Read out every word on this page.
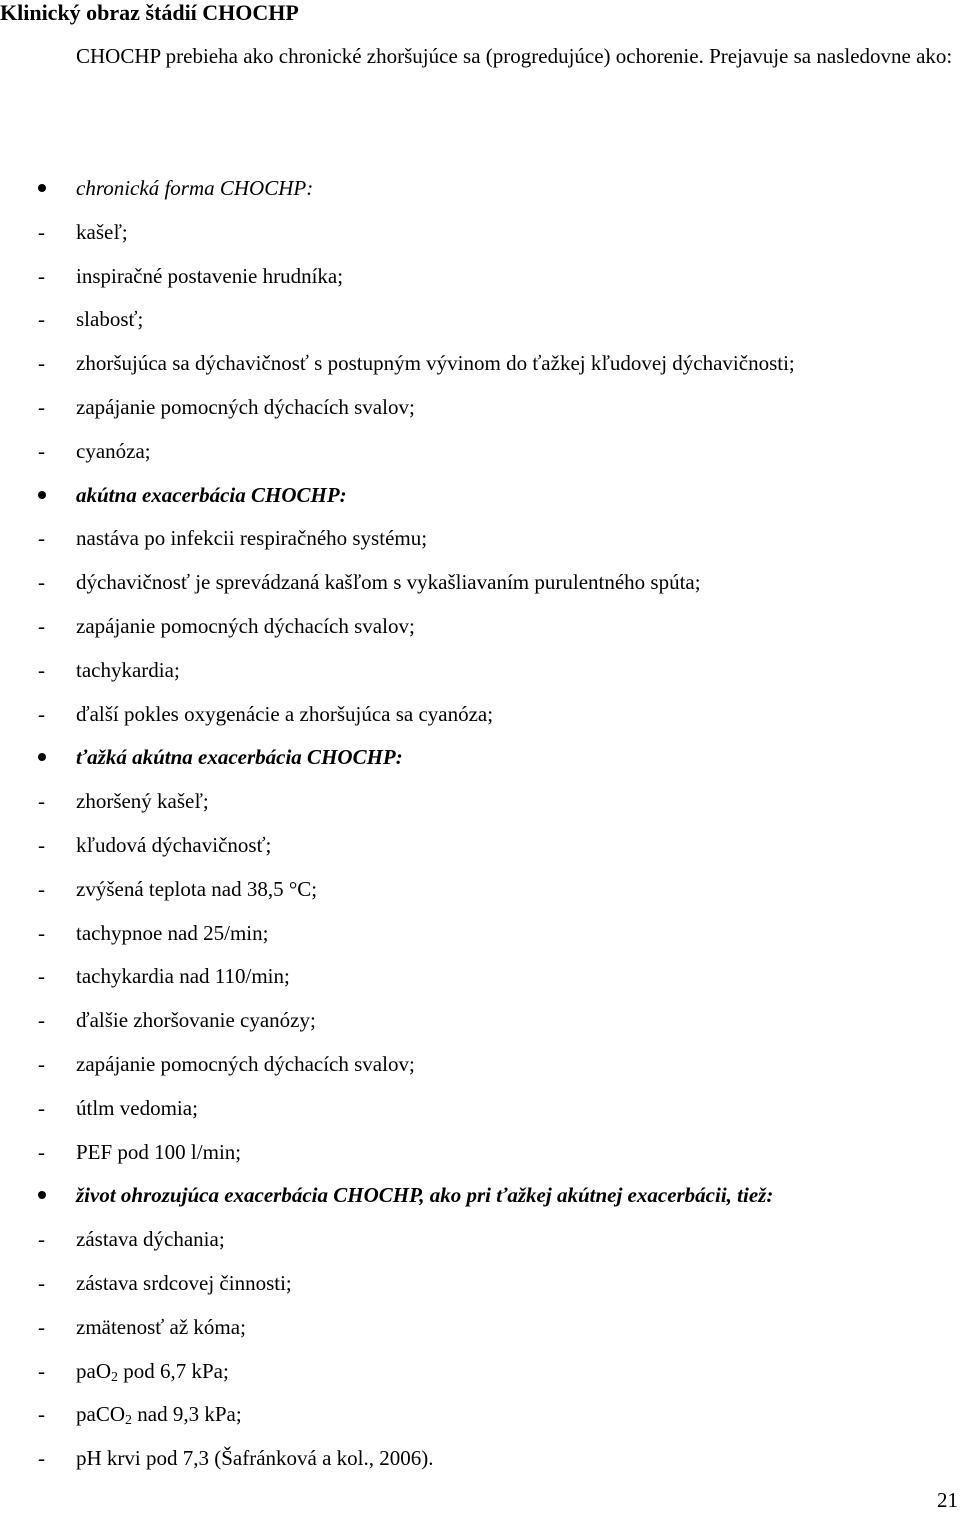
Klinický obraz štádií CHOCHP
CHOCHP prebieha ako chronické zhoršujúce sa (progredujúce) ochorenie. Prejavuje sa nasledovne ako:
chronická forma CHOCHP:
- kašeľ;
- inspiračné postavenie hrudníka;
- slabosť;
- zhoršujúca sa dýchavičnosť s postupným vývinom do ťažkej kľudovej dýchavičnosti;
- zapájanie pomocných dýchacích svalov;
- cyanóza;
akútna exacerbácia CHOCHP:
- nastáva po infekcii respiračného systému;
- dýchavičnosť je sprevádzaná kašľom s vykašliavaním purulentného spúta;
- zapájanie pomocných dýchacích svalov;
- tachykardia;
- ďalší pokles oxygenácie a zhoršujúca sa cyanóza;
ťažká akútna exacerbácia CHOCHP:
- zhoršený kašeľ;
- kľudová dýchavičnosť;
- zvýšená teplota nad 38,5 °C;
- tachypnoe nad 25/min;
- tachykardia nad 110/min;
- ďalšie zhoršovanie cyanózy;
- zapájanie pomocných dýchacích svalov;
- útlm vedomia;
- PEF pod 100 l/min;
život ohrozujúca exacerbácia CHOCHP, ako pri ťažkej akútnej exacerbácii, tiež:
- zástava dýchania;
- zástava srdcovej činnosti;
- zmätenosť až kóma;
- paO$_2$ pod 6,7 kPa;
- paCO$_2$ nad 9,3 kPa;
- pH krvi pod 7,3 (Šafránková a kol., 2006).
21
